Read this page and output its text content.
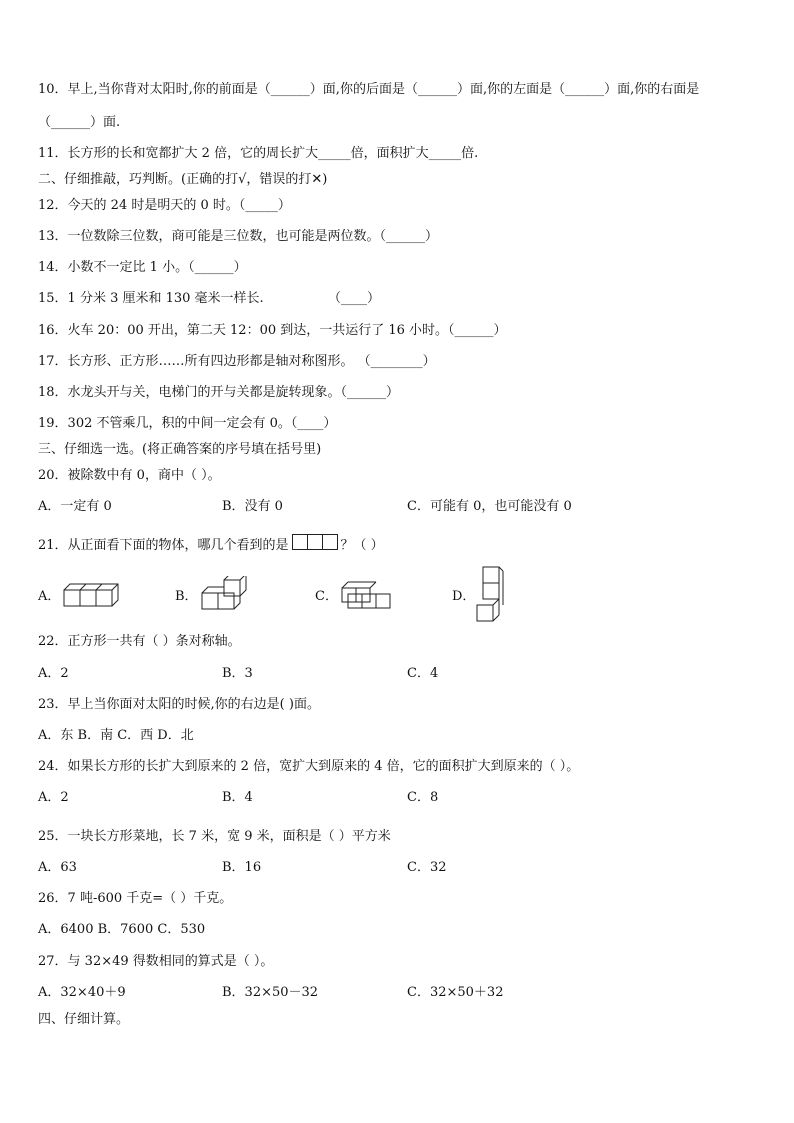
10．早上,当你背对太阳时,你的前面是（______）面,你的后面是（______）面,你的左面是（______）面,你的右面是
（______）面.
11．长方形的长和宽都扩大 2 倍，它的周长扩大_____倍，面积扩大_____倍.
二、仔细推敲，巧判断。(正确的打√，错误的打✕)
12．今天的 24 时是明天的 0 时。（_____）
13．一位数除三位数，商可能是三位数，也可能是两位数。（______）
14．小数不一定比 1 小。（______）
15．1 分米 3 厘米和 130 毫米一样长.	（____）
16．火车 20：00 开出，第二天 12：00 到达，一共运行了 16 小时。（______）
17．长方形、正方形……所有四边形都是轴对称图形。 （________）
18．水龙头开与关，电梯门的开与关都是旋转现象。（______）
19．302 不管乘几，积的中间一定会有 0。（____）
三、仔细选一选。(将正确答案的序号填在括号里)
20．被除数中有 0，商中（ ）。
A．一定有 0	B．没有 0	C．可能有 0，也可能没有 0
21．从正面看下面的物体，哪几个看到的是	？（ ）
A．	B．	C．	D．
22．正方形一共有（ ）条对称轴。
A．2	B．3	C．4
23．早上当你面对太阳的时候,你的右边是( )面。
A．东 B．南 C．西 D．北
24．如果长方形的长扩大到原来的 2 倍，宽扩大到原来的 4 倍，它的面积扩大到原来的（ ）。
A．2	B．4	C．8
25．一块长方形菜地，长 7 米，宽 9 米，面积是（ ）平方米
A．63	B．16	C．32
26．7 吨-600 千克=（ ）千克。
A．6400 B．7600 C．530
27．与 32×49 得数相同的算式是（ ）。
A．32×40＋9	B．32×50－32	C．32×50＋32
四、仔细计算。
